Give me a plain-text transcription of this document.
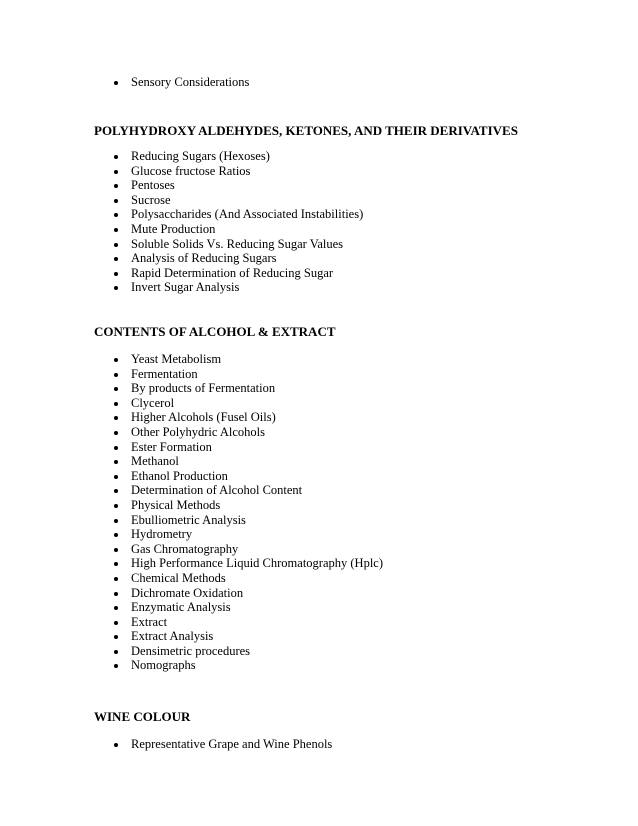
Sensory Considerations
POLYHYDROXY ALDEHYDES, KETONES, AND THEIR DERIVATIVES
Reducing Sugars (Hexoses)
Glucose fructose Ratios
Pentoses
Sucrose
Polysaccharides (And Associated Instabilities)
Mute Production
Soluble Solids Vs. Reducing Sugar Values
Analysis of Reducing Sugars
Rapid Determination of Reducing Sugar
Invert Sugar Analysis
CONTENTS OF ALCOHOL & EXTRACT
Yeast Metabolism
Fermentation
By products of Fermentation
Clycerol
Higher Alcohols (Fusel Oils)
Other Polyhydric Alcohols
Ester Formation
Methanol
Ethanol Production
Determination of Alcohol Content
Physical Methods
Ebulliometric Analysis
Hydrometry
Gas Chromatography
High Performance Liquid Chromatography (Hplc)
Chemical Methods
Dichromate Oxidation
Enzymatic Analysis
Extract
Extract Analysis
Densimetric procedures
Nomographs
WINE COLOUR
Representative Grape and Wine Phenols
